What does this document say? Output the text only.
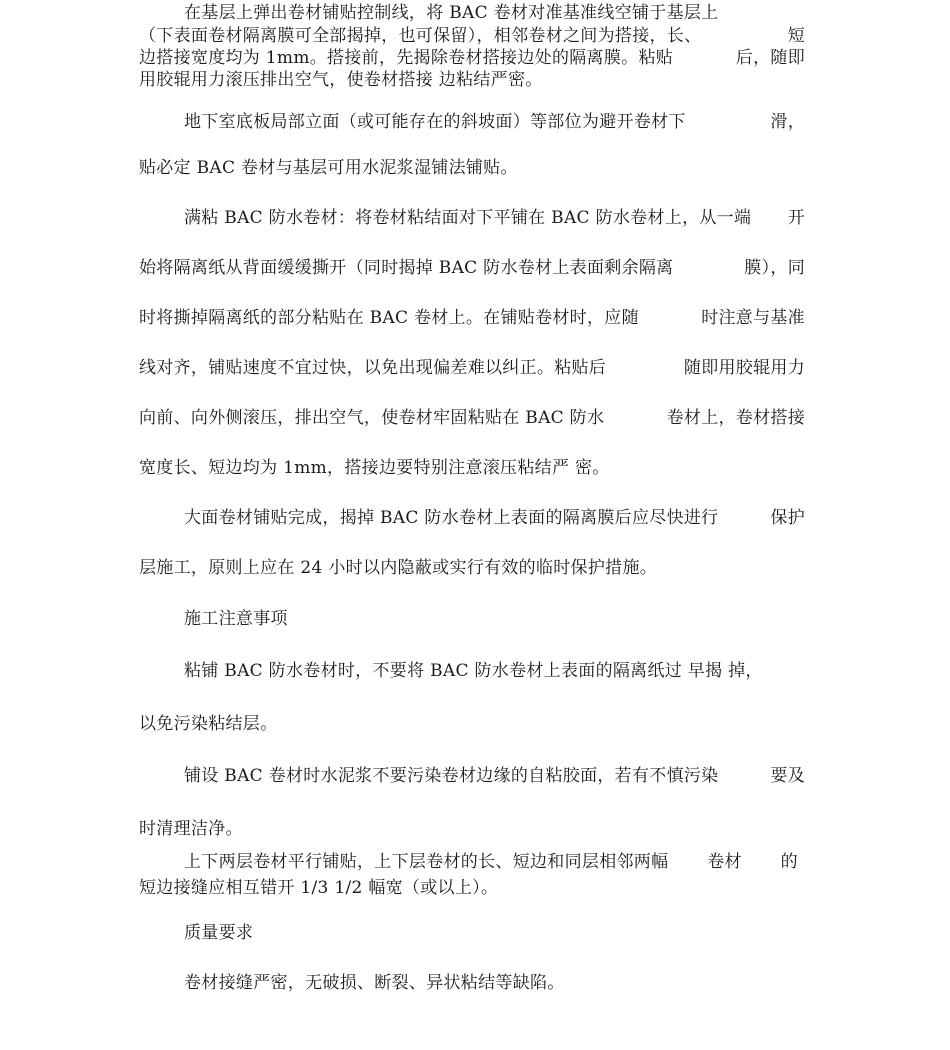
在基层上弹出卷材铺贴控制线，将 BAC 卷材对准基准线空铺于基层上
（下表面卷材隔离膜可全部揭掉，也可保留），相邻卷材之间为搭接，长、	短
边搭接宽度均为 1mm。搭接前，先揭除卷材搭接边处的隔离膜。粘贴	后，随即
用胶辊用力滚压排出空气，使卷材搭接 边粘结严密。
地下室底板局部立面（或可能存在的斜坡面）等部位为避开卷材下	滑，
贴必定 BAC 卷材与基层可用水泥浆湿铺法铺贴。
满粘 BAC 防水卷材：将卷材粘结面对下平铺在 BAC 防水卷材上，从一端 开
始将隔离纸从背面缓缓撕开（同时揭掉 BAC 防水卷材上表面剩余隔离	膜），同
时将撕掉隔离纸的部分粘贴在 BAC 卷材上。在铺贴卷材时，应随	时注意与基准
线对齐，铺贴速度不宜过快，以免出现偏差难以纠正。粘贴后	随即用胶辊用力
向前、向外侧滚压，排出空气，使卷材牢固粘贴在 BAC 防水	卷材上，卷材搭接
宽度长、短边均为 1mm，搭接边要特别注意滚压粘结严 密。
大面卷材铺贴完成，揭掉 BAC 防水卷材上表面的隔离膜后应尽快进行	保护
层施工，原则上应在 24 小时以内隐蔽或实行有效的临时保护措施。
施工注意事项
粘铺 BAC 防水卷材时，不要将 BAC 防水卷材上表面的隔离纸过 早揭 掉，
以免污染粘结层。
铺设 BAC 卷材时水泥浆不要污染卷材边缘的自粘胶面，若有不慎污染	要及
时清理洁净。
上下两层卷材平行铺贴，上下层卷材的长、短边和同层相邻两幅 卷材 的
短边接缝应相互错开 1/3 1/2 幅宽（或以上）。
质量要求
卷材接缝严密，无破损、断裂、异状粘结等缺陷。
